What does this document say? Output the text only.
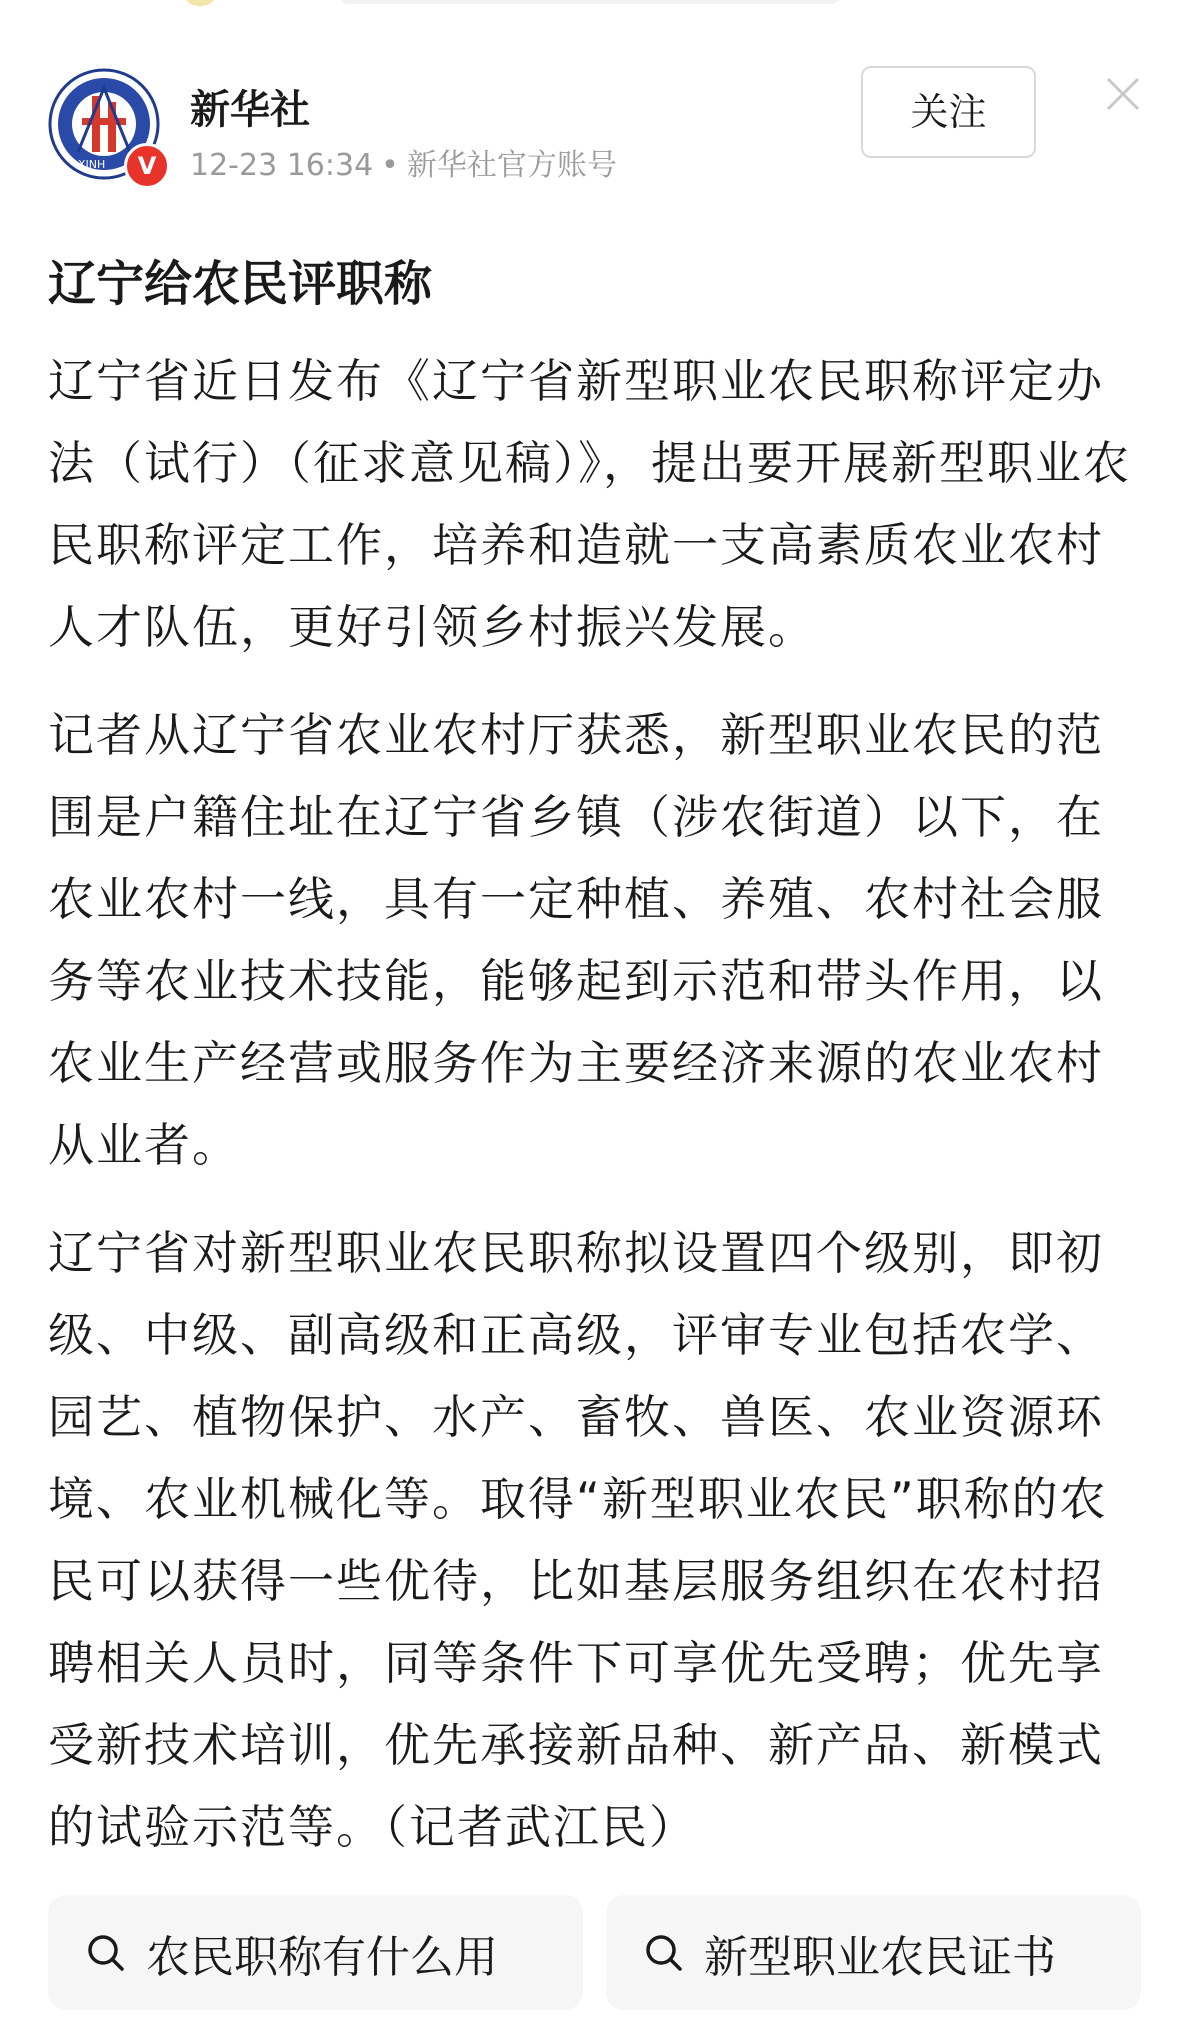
XINH	V
新华社
12-23 16:34 • 新华社官方账号
关注
辽宁给农民评职称

辽宁省近日发布《辽宁省新型职业农民职称评定办法（试行）（征求意见稿）》，提出要开展新型职业农民职称评定工作，培养和造就一支高素质农业农村人才队伍，更好引领乡村振兴发展。

记者从辽宁省农业农村厅获悉，新型职业农民的范围是户籍住址在辽宁省乡镇（涉农街道）以下，在农业农村一线，具有一定种植、养殖、农村社会服务等农业技术技能，能够起到示范和带头作用，以农业生产经营或服务作为主要经济来源的农业农村从业者。

辽宁省对新型职业农民职称拟设置四个级别，即初级、中级、副高级和正高级，评审专业包括农学、园艺、植物保护、水产、畜牧、兽医、农业资源环境、农业机械化等。取得“新型职业农民”职称的农民可以获得一些优待，比如基层服务组织在农村招聘相关人员时，同等条件下可享优先受聘；优先享受新技术培训，优先承接新品种、新产品、新模式的试验示范等。（记者武江民）

农民职称有什么用	新型职业农民证书
